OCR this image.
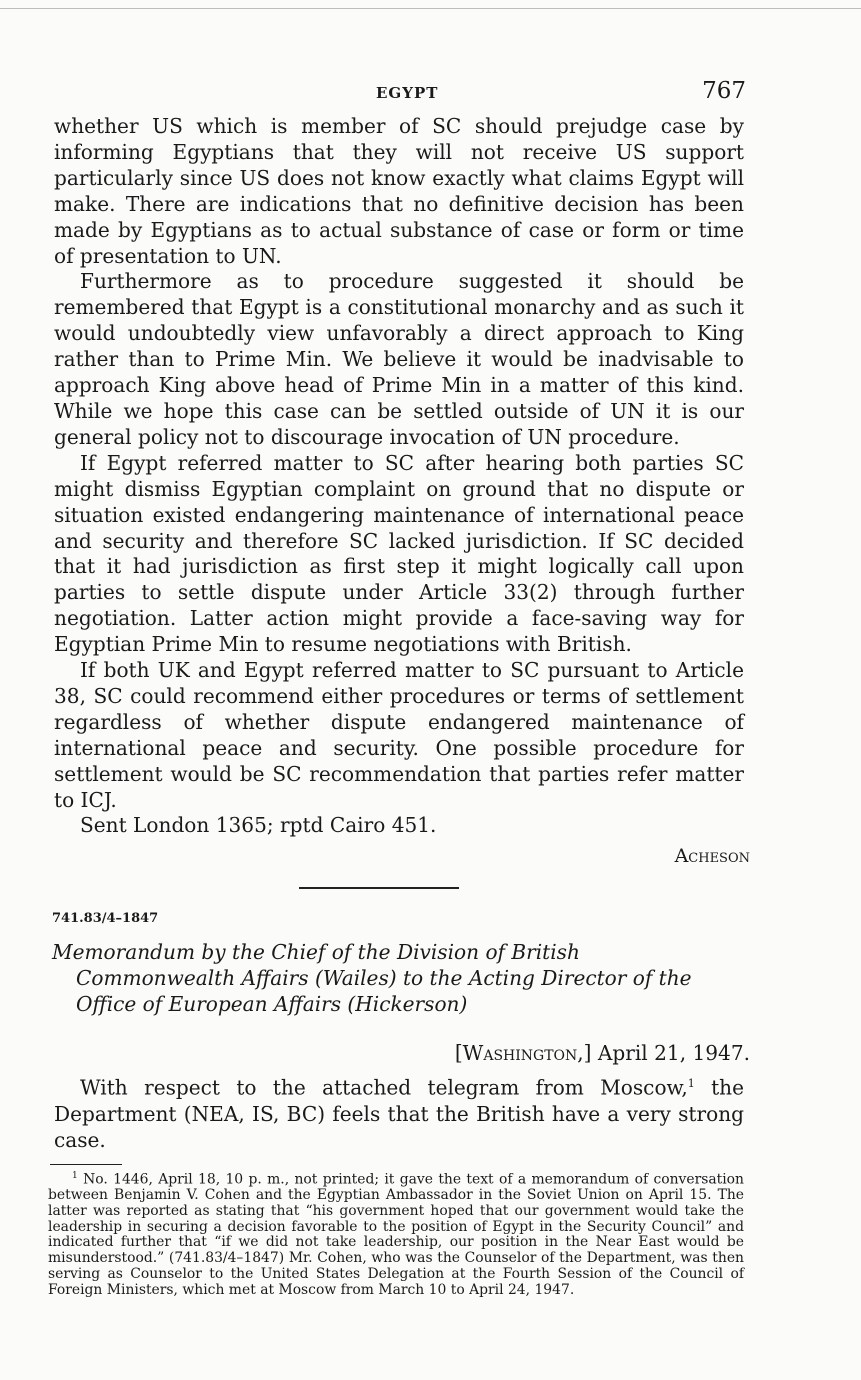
EGYPT	767

whether US which is member of SC should prejudge case by informing Egyptians that they will not receive US support particularly since US does not know exactly what claims Egypt will make. There are indications that no definitive decision has been made by Egyptians as to actual substance of case or form or time of presentation to UN.

Furthermore as to procedure suggested it should be remembered that Egypt is a constitutional monarchy and as such it would undoubtedly view unfavorably a direct approach to King rather than to Prime Min. We believe it would be inadvisable to approach King above head of Prime Min in a matter of this kind. While we hope this case can be settled outside of UN it is our general policy not to discourage invocation of UN procedure.

If Egypt referred matter to SC after hearing both parties SC might dismiss Egyptian complaint on ground that no dispute or situation existed endangering maintenance of international peace and security and therefore SC lacked jurisdiction. If SC decided that it had jurisdiction as first step it might logically call upon parties to settle dispute under Article 33(2) through further negotiation. Latter action might provide a face-saving way for Egyptian Prime Min to resume negotiations with British.

If both UK and Egypt referred matter to SC pursuant to Article 38, SC could recommend either procedures or terms of settlement regardless of whether dispute endangered maintenance of international peace and security. One possible procedure for settlement would be SC recommendation that parties refer matter to ICJ.

Sent London 1365; rptd Cairo 451.

Acheson
741.83/4–1847
Memorandum by the Chief of the Division of British Commonwealth Affairs (Wailes) to the Acting Director of the Office of European Affairs (Hickerson)
[Washington,] April 21, 1947.

With respect to the attached telegram from Moscow,$^1$ the Department (NEA, IS, BC) feels that the British have a very strong case.

$^1$ No. 1446, April 18, 10 p. m., not printed; it gave the text of a memorandum of conversation between Benjamin V. Cohen and the Egyptian Ambassador in the Soviet Union on April 15. The latter was reported as stating that “his government hoped that our government would take the leadership in securing a decision favorable to the position of Egypt in the Security Council” and indicated further that “if we did not take leadership, our position in the Near East would be misunderstood.” (741.83/4–1847) Mr. Cohen, who was the Counselor of the Department, was then serving as Counselor to the United States Delegation at the Fourth Session of the Council of Foreign Ministers, which met at Moscow from March 10 to April 24, 1947.
